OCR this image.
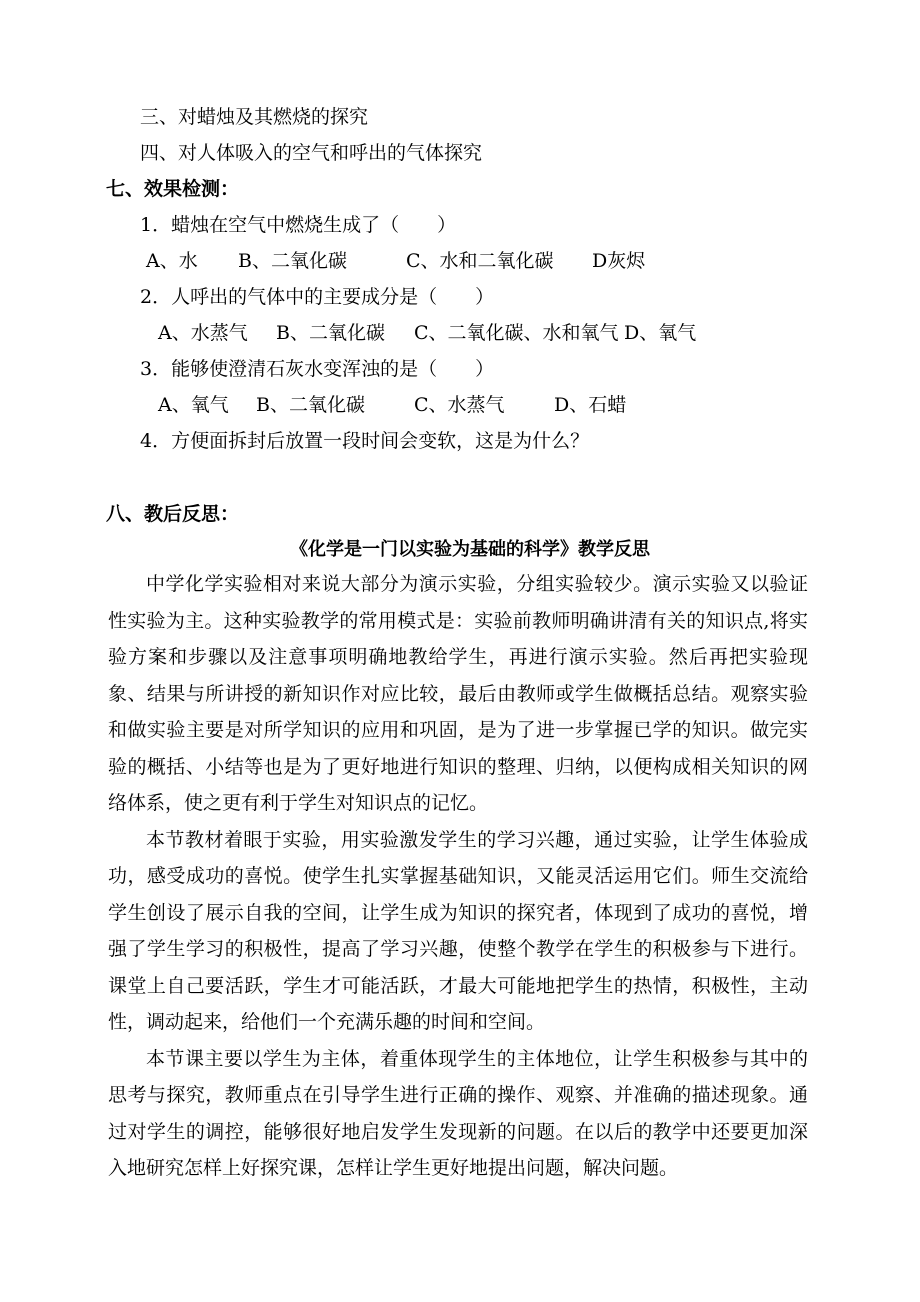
三、对蜡烛及其燃烧的探究
四、对人体吸入的空气和呼出的气体探究
七、效果检测：
1．蜡烛在空气中燃烧生成了（　　）
A、水 B、二氧化碳	C、水和二氧化碳 D灰烬
2．人呼出的气体中的主要成分是（　　）
A、水蒸气 B、二氧化碳 C、二氧化碳、水和氧气 D、氧气
3．能够使澄清石灰水变浑浊的是（　　）
A、氧气 B、二氧化碳	C、水蒸气	D、石蜡
4．方便面拆封后放置一段时间会变软，这是为什么？
八、教后反思：
《化学是一门以实验为基础的科学》教学反思

中学化学实验相对来说大部分为演示实验，分组实验较少。演示实验又以验证性实验为主。这种实验教学的常用模式是：实验前教师明确讲清有关的知识点,将实验方案和步骤以及注意事项明确地教给学生，再进行演示实验。然后再把实验现象、结果与所讲授的新知识作对应比较，最后由教师或学生做概括总结。观察实验和做实验主要是对所学知识的应用和巩固，是为了进一步掌握已学的知识。做完实验的概括、小结等也是为了更好地进行知识的整理、归纳，以便构成相关知识的网络体系，使之更有利于学生对知识点的记忆。

本节教材着眼于实验，用实验激发学生的学习兴趣，通过实验，让学生体验成功，感受成功的喜悦。使学生扎实掌握基础知识，又能灵活运用它们。师生交流给学生创设了展示自我的空间，让学生成为知识的探究者，体现到了成功的喜悦，增强了学生学习的积极性，提高了学习兴趣，使整个教学在学生的积极参与下进行。课堂上自己要活跃，学生才可能活跃，才最大可能地把学生的热情，积极性，主动性，调动起来，给他们一个充满乐趣的时间和空间。

本节课主要以学生为主体，着重体现学生的主体地位，让学生积极参与其中的思考与探究，教师重点在引导学生进行正确的操作、观察、并准确的描述现象。通过对学生的调控，能够很好地启发学生发现新的问题。在以后的教学中还要更加深入地研究怎样上好探究课，怎样让学生更好地提出问题，解决问题。
